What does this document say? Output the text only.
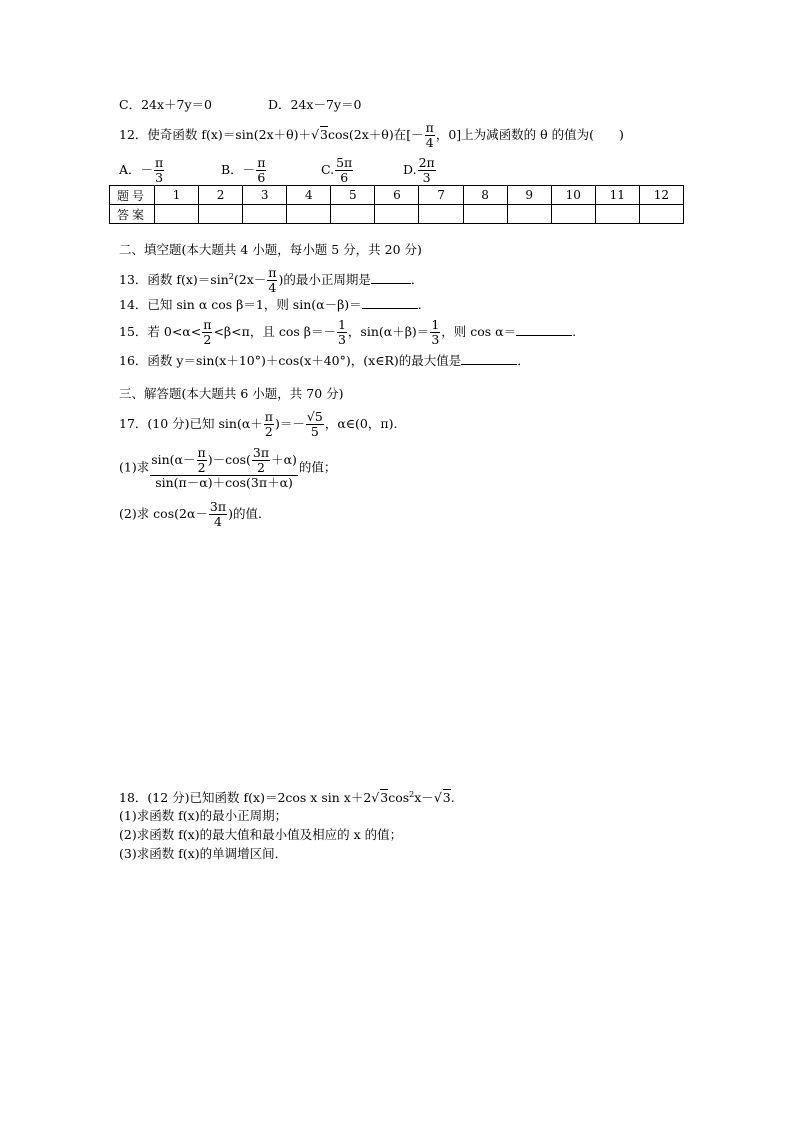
C．24x＋7y＝0	D．24x－7y＝0
12．使奇函数 f(x)＝sin(2x＋θ)＋√3cos(2x＋θ)在[－ $\frac{\pi}{4}$ ，0]上为减函数的 θ 的值为(　　)
A．－ $\frac{\pi}{3}$	B．－ $\frac{\pi}{6}$	C. $\frac{5\pi}{6}$	D. $\frac{2\pi}{3}$
题号	1	2	3	4	5	6	7	8	9	10	11	12
答案												
二、填空题(本大题共 4 小题，每小题 5 分，共 20 分)
13．函数 $f(x)=\sin^2(2x- \frac{\pi}{4}$ )的最小正周期是	．
14．已知 sin α cos β＝1，则 sin(α－β)＝	.
15．若 $0<\alpha< \frac{\pi}{2} <\beta<\pi$，且 $\cos \beta=- \frac{1}{3}$ ，$\sin(\alpha+\beta)= \frac{1}{3}$ ，则 cos α＝	.
16．函数 y＝sin(x＋10°)＋cos(x＋40°)，(x∈R)的最大值是	．
三、解答题(本大题共 6 小题，共 70 分)
17．(10 分)已知 $\sin(\alpha+ \frac{\pi}{2}$ )＝－ $\frac{√5}{5}$ ，α∈(0，π).
(1)求 $\frac{\sin(\alpha- \frac{\pi}{2} )-\cos( \frac{3\pi}{2} +\alpha)}{\sin(\pi-\alpha)+\cos(3\pi+\alpha)}$ 的值；
(2)求 $\cos(2\alpha- \frac{3\pi}{4}$ )的值．
18．(12 分)已知函数 f(x)＝2cos x $\sin x+2√3\cos^2x-√3$.
(1)求函数 f(x)的最小正周期；
(2)求函数 f(x)的最大值和最小值及相应的 x 的值；
(3)求函数 f(x)的单调增区间．
